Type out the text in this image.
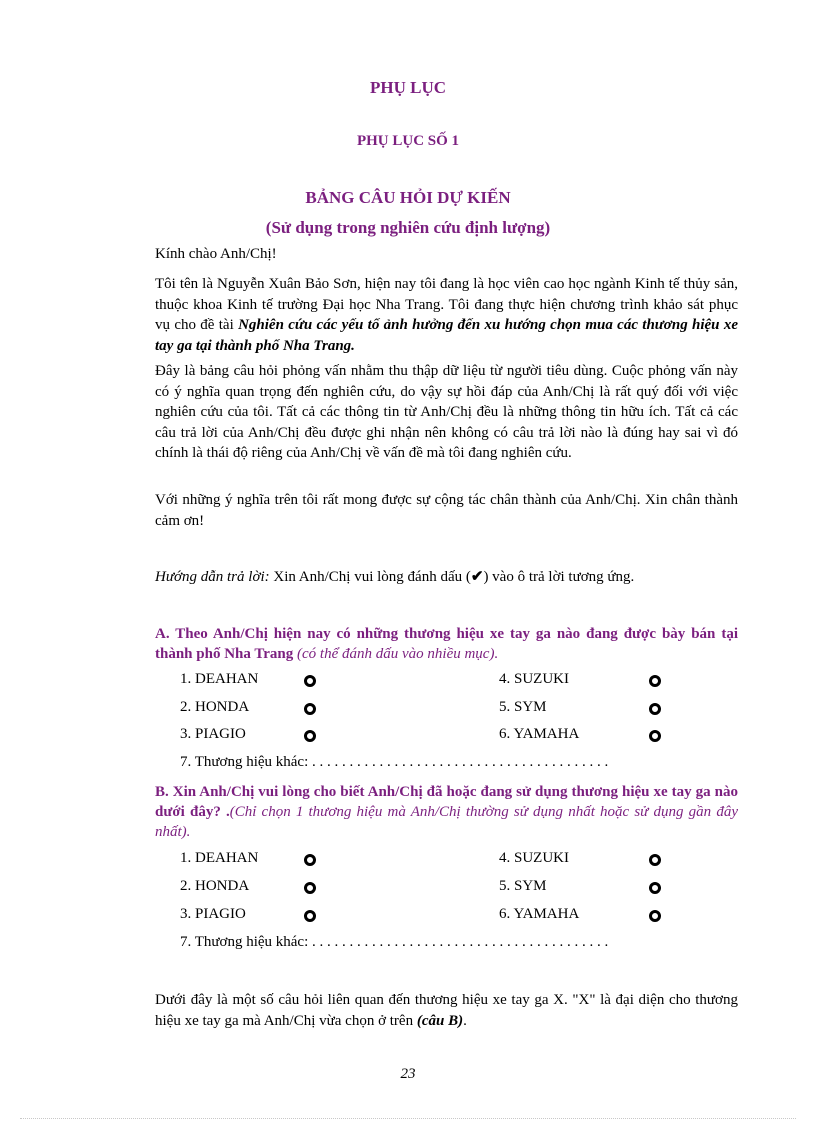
PHỤ LỤC
PHỤ LỤC SỐ 1
BẢNG CÂU HỎI DỰ KIẾN
(Sử dụng trong nghiên cứu định lượng)

Kính chào Anh/Chị!

Tôi tên là Nguyễn Xuân Bảo Sơn, hiện nay tôi đang là học viên cao học ngành Kinh tế thủy sản, thuộc khoa Kinh tế trường Đại học Nha Trang. Tôi đang thực hiện chương trình khảo sát phục vụ cho đề tài Nghiên cứu các yếu tố ảnh hưởng đến xu hướng chọn mua các thương hiệu xe tay ga tại thành phố Nha Trang.

Đây là bảng câu hỏi phỏng vấn nhằm thu thập dữ liệu từ người tiêu dùng. Cuộc phỏng vấn này có ý nghĩa quan trọng đến nghiên cứu, do vậy sự hồi đáp của Anh/Chị là rất quý đối với việc nghiên cứu của tôi. Tất cả các thông tin từ Anh/Chị đều là những thông tin hữu ích. Tất cả các câu trả lời của Anh/Chị đều được ghi nhận nên không có câu trả lời nào là đúng hay sai vì đó chính là thái độ riêng của Anh/Chị về vấn đề mà tôi đang nghiên cứu.

Với những ý nghĩa trên tôi rất mong được sự cộng tác chân thành của Anh/Chị. Xin chân thành cảm ơn!

Hướng dẫn trả lời: Xin Anh/Chị vui lòng đánh dấu (✔) vào ô trả lời tương ứng.

A. Theo Anh/Chị hiện nay có những thương hiệu xe tay ga nào đang được bày bán tại thành phố Nha Trang (có thể đánh dấu vào nhiều mục).

1. DEAHAN	4. SUZUKI
2. HONDA	5. SYM
3. PIAGIO	6. YAMAHA
7. Thương hiệu khác: . . . . . . . . . . . . . . . . . . . . . . . . . . . . . . . . . . . . . . . .

B. Xin Anh/Chị vui lòng cho biết Anh/Chị đã hoặc đang sử dụng thương hiệu xe tay ga nào dưới đây? .(Chỉ chọn 1 thương hiệu mà Anh/Chị thường sử dụng nhất hoặc sử dụng gần đây nhất).

1. DEAHAN	4. SUZUKI
2. HONDA	5. SYM
3. PIAGIO	6. YAMAHA
7. Thương hiệu khác: . . . . . . . . . . . . . . . . . . . . . . . . . . . . . . . . . . . . . . . .

Dưới đây là một số câu hỏi liên quan đến thương hiệu xe tay ga X. "X" là đại diện cho thương hiệu xe tay ga mà Anh/Chị vừa chọn ở trên (câu B).

23
